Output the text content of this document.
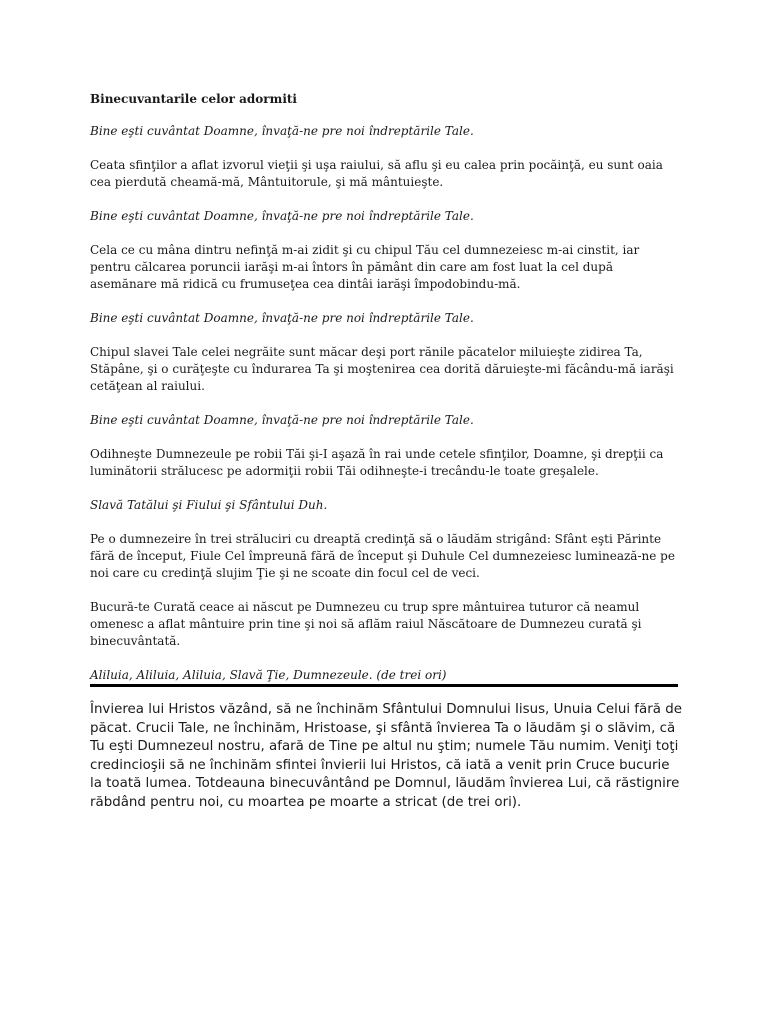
Binecuvantarile celor adormiti

Bine eşti cuvântat Doamne, învaţă-ne pre noi îndreptările Tale.

Ceata sfinţilor a aflat izvorul vieţii şi uşa raiului, să aflu şi eu calea prin pocăinţă, eu sunt oaia cea pierdută cheamă-mă, Mântuitorule, şi mă mântuieşte.

Bine eşti cuvântat Doamne, învaţă-ne pre noi îndreptările Tale.

Cela ce cu mâna dintru nefinţă m-ai zidit şi cu chipul Tău cel dumnezeiesc m-ai cinstit, iar pentru călcarea poruncii iarăşi m-ai întors în pământ din care am fost luat la cel după asemănare mă ridică cu frumuseţea cea dintâi iarăşi împodobindu-mă.

Bine eşti cuvântat Doamne, învaţă-ne pre noi îndreptările Tale.

Chipul slavei Tale celei negrăite sunt măcar deşi port rănile păcatelor miluieşte zidirea Ta, Stăpâne, şi o curăţeşte cu îndurarea Ta şi moştenirea cea dorită dăruieşte-mi făcându-mă iarăşi cetăţean al raiului.

Bine eşti cuvântat Doamne, învaţă-ne pre noi îndreptările Tale.

Odihneşte Dumnezeule pe robii Tăi şi-I aşază în rai unde cetele sfinţilor, Doamne, şi drepţii ca luminătorii strălucesc pe adormiţii robii Tăi odihneşte-i trecându-le toate greşalele.

Slavă Tatălui şi Fiului şi Sfântului Duh.

Pe o dumnezeire în trei străluciri cu dreaptă credinţă să o lăudăm strigând: Sfânt eşti Părinte fără de început, Fiule Cel împreună fără de început şi Duhule Cel dumnezeiesc luminează-ne pe noi care cu credinţă slujim Ţie şi ne scoate din focul cel de veci.

Bucură-te Curată ceace ai născut pe Dumnezeu cu trup spre mântuirea tuturor că neamul omenesc a aflat mântuire prin tine şi noi să aflăm raiul Născătoare de Dumnezeu curată şi binecuvântată.

Aliluia, Aliluia, Aliluia, Slavă Ţie, Dumnezeule. (de trei ori)

Învierea lui Hristos văzând, să ne închinăm Sfântului Domnului Iisus, Unuia Celui fără de păcat. Crucii Tale, ne închinăm, Hristoase, şi sfântă învierea Ta o lăudăm şi o slăvim, că Tu eşti Dumnezeul nostru, afară de Tine pe altul nu ştim; numele Tău numim. Veniţi toţi credincioşii să ne închinăm sfintei învierii lui Hristos, că iată a venit prin Cruce bucurie la toată lumea. Totdeauna binecuvântând pe Domnul, lăudăm învierea Lui, că răstignire răbdând pentru noi, cu moartea pe moarte a stricat (de trei ori).
